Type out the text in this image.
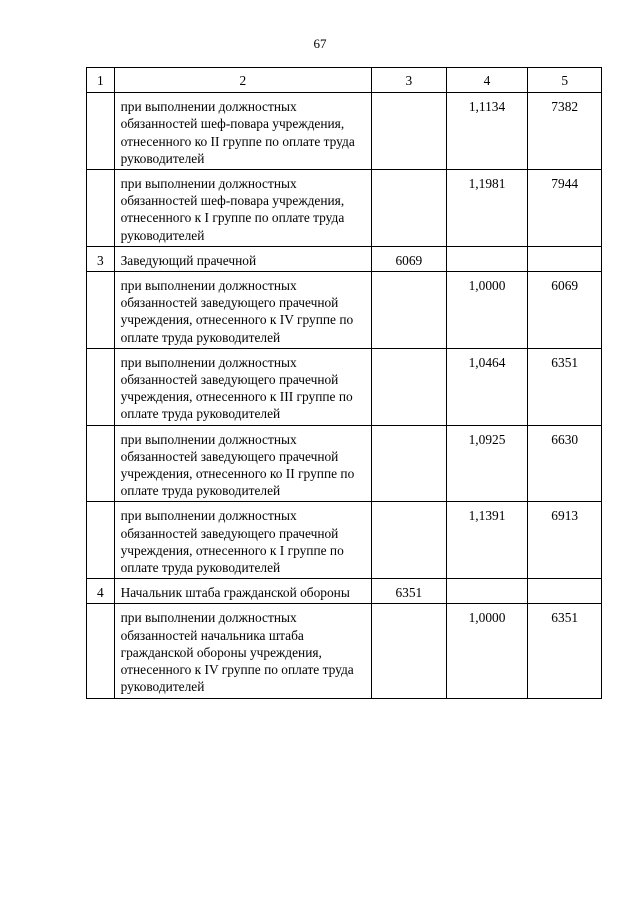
67
1	2	3	4	5
	при выполнении должностных обязанностей шеф-повара учреждения, отнесенного ко II группе по оплате труда руководителей		1,1134	7382
	при выполнении должностных обязанностей шеф-повара учреждения, отнесенного к I группе по оплате труда руководителей		1,1981	7944
3	Заведующий прачечной	6069		
	при выполнении должностных обязанностей заведующего прачечной учреждения, отнесенного к IV группе по оплате труда руководителей		1,0000	6069
	при выполнении должностных обязанностей заведующего прачечной учреждения, отнесенного к III группе по оплате труда руководителей		1,0464	6351
	при выполнении должностных обязанностей заведующего прачечной учреждения, отнесенного ко II группе по оплате труда руководителей		1,0925	6630
	при выполнении должностных обязанностей заведующего прачечной учреждения, отнесенного к I группе по оплате труда руководителей		1,1391	6913
4	Начальник штаба гражданской обороны	6351		
	при выполнении должностных обязанностей начальника штаба гражданской обороны учреждения, отнесенного к IV группе по оплате труда руководителей		1,0000	6351
